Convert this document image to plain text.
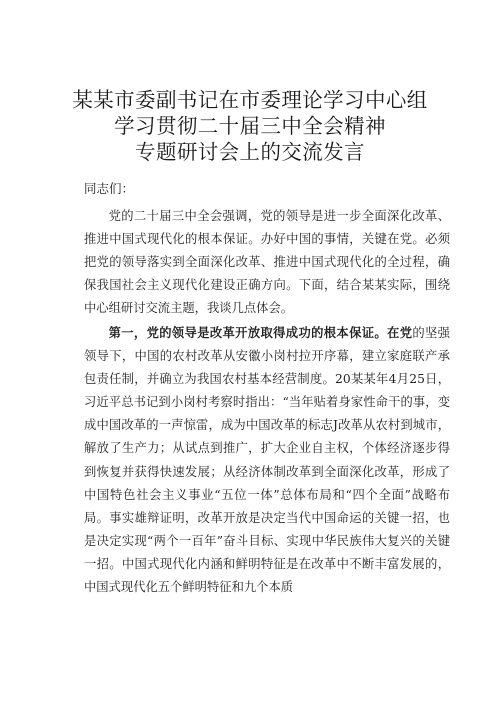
某某市委副书记在市委理论学习中心组
学习贯彻二十届三中全会精神
专题研讨会上的交流发言
同志们：

党的二十届三中全会强调，党的领导是进一步全面深化改革、推进中国式现代化的根本保证。办好中国的事情，关键在党。必须把党的领导落实到全面深化改革、推进中国式现代化的全过程，确保我国社会主义现代化建设正确方向。下面，结合某某实际，围绕中心组研讨交流主题，我谈几点体会。

第一，党的领导是改革开放取得成功的根本保证。在党的坚强领导下，中国的农村改革从安徽小岗村拉开序幕，建立家庭联产承包责任制，并确立为我国农村基本经营制度。20某某年4月25日，习近平总书记到小岗村考察时指出：“当年贴着身家性命干的事，变成中国改革的一声惊雷，成为中国改革的标志J改革从农村到城市，解放了生产力；从试点到推广，扩大企业自主权，个体经济逐步得到恢复并获得快速发展；从经济体制改革到全面深化改革，形成了中国特色社会主义事业“五位一体”总体布局和“四个全面”战略布局。事实雄辩证明，改革开放是决定当代中国命运的关键一招，也是决定实现“两个一百年”奋斗目标、实现中华民族伟大复兴的关键一招。中国式现代化内涵和鲜明特征是在改革中不断丰富发展的，中国式现代化五个鲜明特征和九个本质
